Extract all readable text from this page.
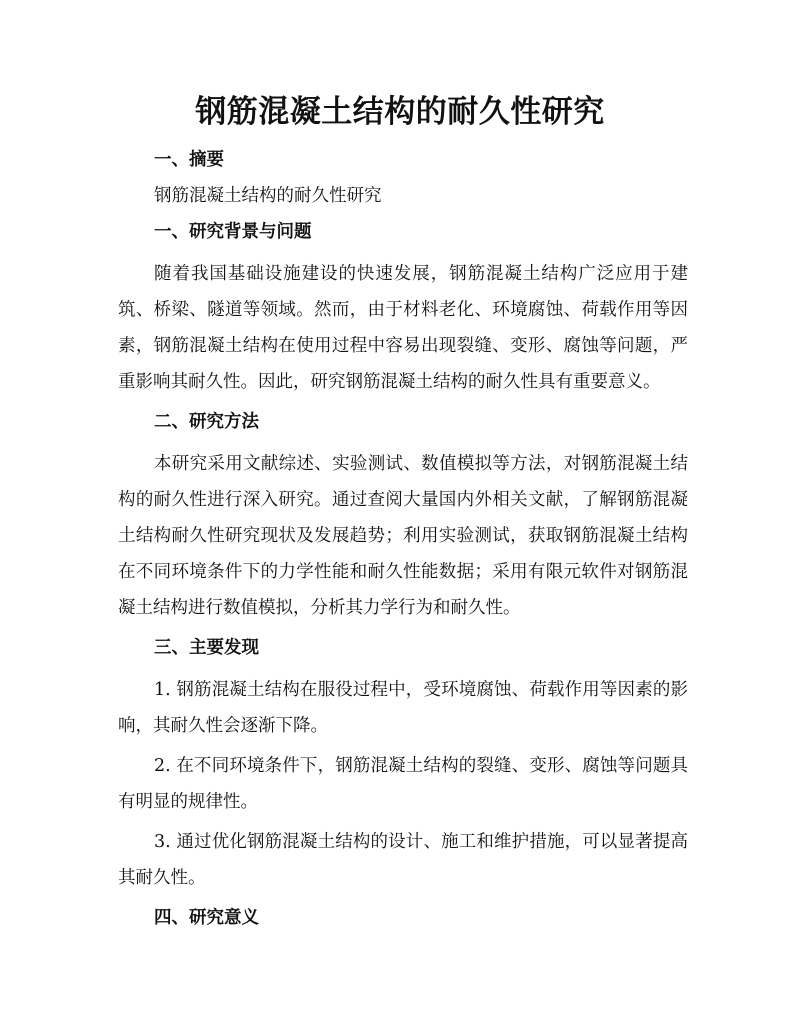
钢筋混凝土结构的耐久性研究

一、摘要

钢筋混凝土结构的耐久性研究

一、研究背景与问题

随着我国基础设施建设的快速发展，钢筋混凝土结构广泛应用于建筑、桥梁、隧道等领域。然而，由于材料老化、环境腐蚀、荷载作用等因素，钢筋混凝土结构在使用过程中容易出现裂缝、变形、腐蚀等问题，严重影响其耐久性。因此，研究钢筋混凝土结构的耐久性具有重要意义。

二、研究方法

本研究采用文献综述、实验测试、数值模拟等方法，对钢筋混凝土结构的耐久性进行深入研究。通过查阅大量国内外相关文献，了解钢筋混凝土结构耐久性研究现状及发展趋势；利用实验测试，获取钢筋混凝土结构在不同环境条件下的力学性能和耐久性能数据；采用有限元软件对钢筋混凝土结构进行数值模拟，分析其力学行为和耐久性。

三、主要发现

1. 钢筋混凝土结构在服役过程中，受环境腐蚀、荷载作用等因素的影响，其耐久性会逐渐下降。

2. 在不同环境条件下，钢筋混凝土结构的裂缝、变形、腐蚀等问题具有明显的规律性。

3. 通过优化钢筋混凝土结构的设计、施工和维护措施，可以显著提高其耐久性。

四、研究意义
